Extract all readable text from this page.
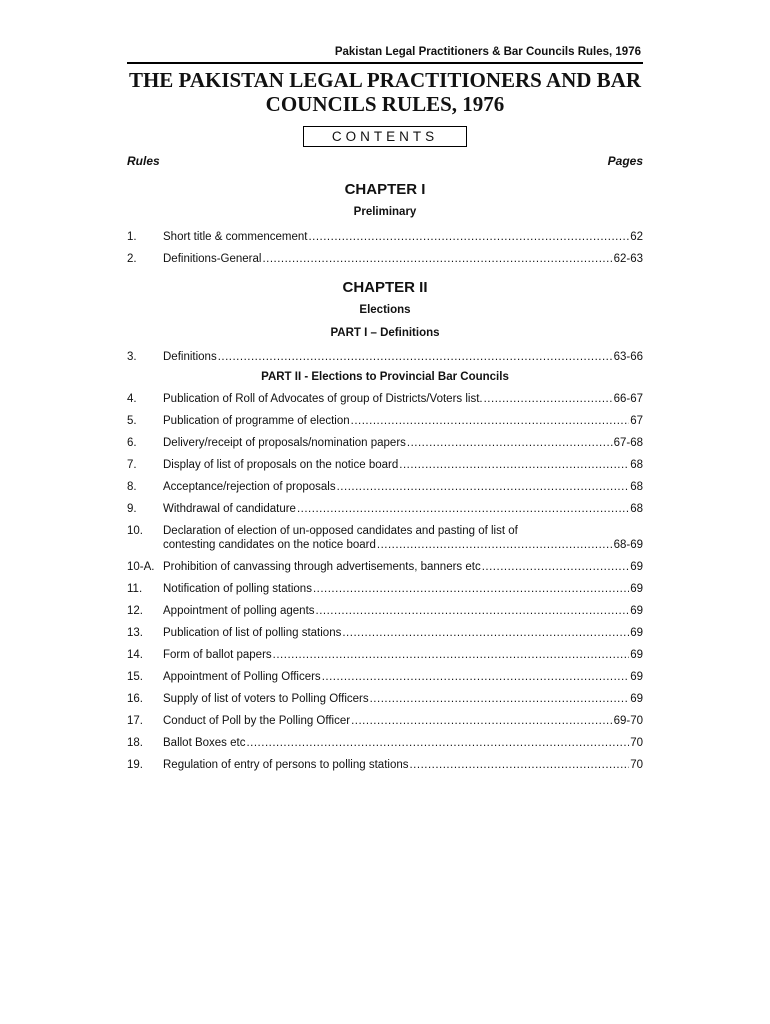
Pakistan Legal Practitioners & Bar Councils Rules, 1976
THE PAKISTAN LEGAL PRACTITIONERS AND BAR COUNCILS RULES, 1976
CONTENTS
Rules	Pages
CHAPTER I
Preliminary
1. Short title & commencement .....	62
2. Definitions-General .....	62-63
CHAPTER II
Elections
PART I – Definitions
3. Definitions .....	63-66
PART II - Elections to Provincial Bar Councils
4. Publication of Roll of Advocates of group of Districts/Voters list. .....	66-67
5. Publication of programme of election .....	67
6. Delivery/receipt of proposals/nomination papers .....	67-68
7. Display of list of proposals on the notice board .....	68
8. Acceptance/rejection of proposals .....	68
9. Withdrawal of candidature .....	68
10. Declaration of election of un-opposed candidates and pasting of list of
contesting candidates on the notice board .....	68-69
10-A. Prohibition of canvassing through advertisements, banners etc .....	69
11. Notification of polling stations .....	69
12. Appointment of polling agents .....	69
13. Publication of list of polling stations .....	69
14. Form of ballot papers .....	69
15. Appointment of Polling Officers .....	69
16. Supply of list of voters to Polling Officers .....	69
17. Conduct of Poll by the Polling Officer .....	69-70
18. Ballot Boxes etc .....	70
19. Regulation of entry of persons to polling stations .....	70
